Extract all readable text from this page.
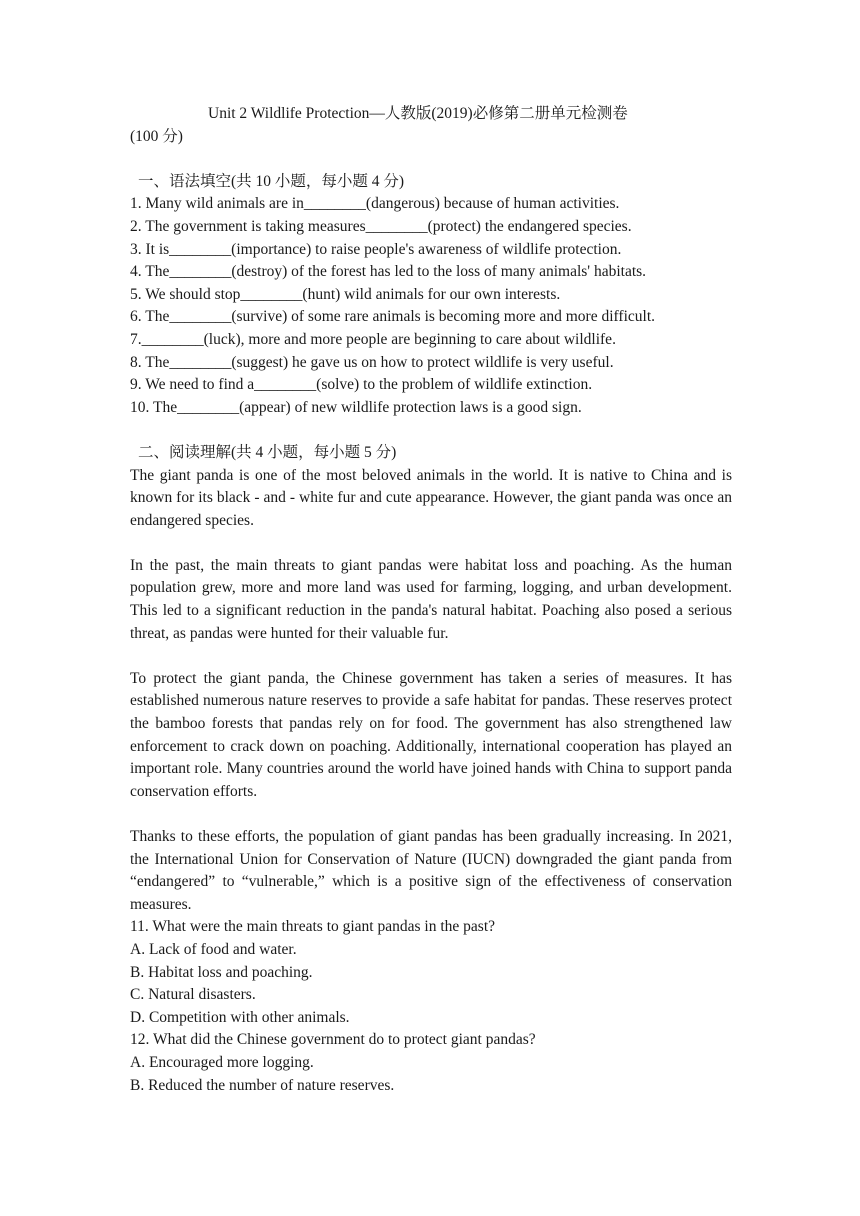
Unit 2 Wildlife Protection—人教版(2019)必修第二册单元检测卷

(100 分)

一、语法填空(共 10 小题，每小题 4 分)
1. Many wild animals are in________(dangerous) because of human activities.
2. The government is taking measures________(protect) the endangered species.
3. It is________(importance) to raise people's awareness of wildlife protection.
4. The________(destroy) of the forest has led to the loss of many animals' habitats.
5. We should stop________(hunt) wild animals for our own interests.
6. The________(survive) of some rare animals is becoming more and more difficult.
7.________(luck), more and more people are beginning to care about wildlife.
8. The________(suggest) he gave us on how to protect wildlife is very useful.
9. We need to find a________(solve) to the problem of wildlife extinction.
10. The________(appear) of new wildlife protection laws is a good sign.
二、阅读理解(共 4 小题，每小题 5 分)

The giant panda is one of the most beloved animals in the world. It is native to China and is known for its black - and - white fur and cute appearance. However, the giant panda was once an endangered species.

In the past, the main threats to giant pandas were habitat loss and poaching. As the human population grew, more and more land was used for farming, logging, and urban development. This led to a significant reduction in the panda's natural habitat. Poaching also posed a serious threat, as pandas were hunted for their valuable fur.

To protect the giant panda, the Chinese government has taken a series of measures. It has established numerous nature reserves to provide a safe habitat for pandas. These reserves protect the bamboo forests that pandas rely on for food. The government has also strengthened law enforcement to crack down on poaching. Additionally, international cooperation has played an important role. Many countries around the world have joined hands with China to support panda conservation efforts.

Thanks to these efforts, the population of giant pandas has been gradually increasing. In 2021, the International Union for Conservation of Nature (IUCN) downgraded the giant panda from “endangered” to “vulnerable,” which is a positive sign of the effectiveness of conservation measures.

11. What were the main threats to giant pandas in the past?

A. Lack of food and water.
B. Habitat loss and poaching.
C. Natural disasters.
D. Competition with other animals.

12. What did the Chinese government do to protect giant pandas?

A. Encouraged more logging.
B. Reduced the number of nature reserves.
